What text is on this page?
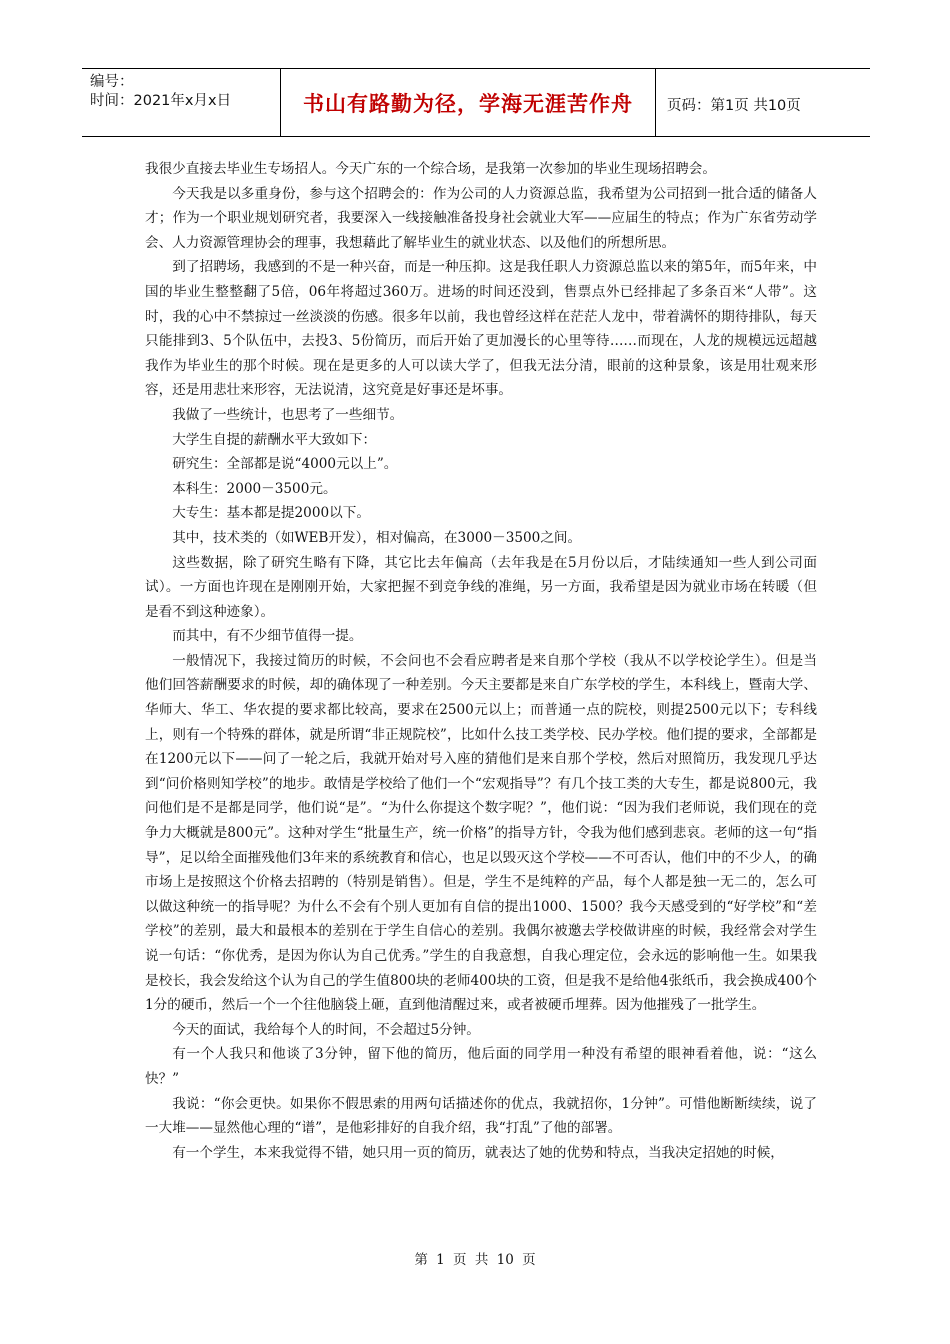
编号：
时间：2021年x月x日	书山有路勤为径，学海无涯苦作舟	页码：第1页 共10页

我很少直接去毕业生专场招人。今天广东的一个综合场，是我第一次参加的毕业生现场招聘会。

今天我是以多重身份，参与这个招聘会的：作为公司的人力资源总监，我希望为公司招到一批合适的储备人才；作为一个职业规划研究者，我要深入一线接触准备投身社会就业大军——应届生的特点；作为广东省劳动学会、人力资源管理协会的理事，我想藉此了解毕业生的就业状态、以及他们的所想所思。

到了招聘场，我感到的不是一种兴奋，而是一种压抑。这是我任职人力资源总监以来的第5年，而5年来，中国的毕业生整整翻了5倍，06年将超过360万。进场的时间还没到，售票点外已经排起了多条百米“人带”。这时，我的心中不禁掠过一丝淡淡的伤感。很多年以前，我也曾经这样在茫茫人龙中，带着满怀的期待排队，每天只能排到3、5个队伍中，去投3、5份简历，而后开始了更加漫长的心里等待……而现在，人龙的规模远远超越我作为毕业生的那个时候。现在是更多的人可以读大学了，但我无法分清，眼前的这种景象，该是用壮观来形容，还是用悲壮来形容，无法说清，这究竟是好事还是坏事。

我做了一些统计，也思考了一些细节。

大学生自提的薪酬水平大致如下：

研究生：全部都是说“4000元以上”。

本科生：2000－3500元。

大专生：基本都是提2000以下。

其中，技术类的（如WEB开发），相对偏高，在3000－3500之间。

这些数据，除了研究生略有下降，其它比去年偏高（去年我是在5月份以后，才陆续通知一些人到公司面试）。一方面也许现在是刚刚开始，大家把握不到竞争线的准绳，另一方面，我希望是因为就业市场在转暖（但是看不到这种迹象）。

而其中，有不少细节值得一提。

一般情况下，我接过简历的时候，不会问也不会看应聘者是来自那个学校（我从不以学校论学生）。但是当他们回答薪酬要求的时候，却的确体现了一种差别。今天主要都是来自广东学校的学生，本科线上，暨南大学、华师大、华工、华农提的要求都比较高，要求在2500元以上；而普通一点的院校，则提2500元以下；专科线上，则有一个特殊的群体，就是所谓“非正规院校”，比如什么技工类学校、民办学校。他们提的要求，全部都是在1200元以下——问了一轮之后，我就开始对号入座的猜他们是来自那个学校，然后对照简历，我发现几乎达到“问价格则知学校”的地步。敢情是学校给了他们一个“宏观指导”？有几个技工类的大专生，都是说800元，我问他们是不是都是同学，他们说“是”。“为什么你提这个数字呢？”，他们说：“因为我们老师说，我们现在的竞争力大概就是800元”。这种对学生“批量生产，统一价格”的指导方针，令我为他们感到悲哀。老师的这一句“指导”，足以给全面摧残他们3年来的系统教育和信心，也足以毁灭这个学校——不可否认，他们中的不少人，的确市场上是按照这个价格去招聘的（特别是销售）。但是，学生不是纯粹的产品，每个人都是独一无二的，怎么可以做这种统一的指导呢？为什么不会有个别人更加有自信的提出1000、1500？我今天感受到的“好学校”和“差学校”的差别，最大和最根本的差别在于学生自信心的差别。我偶尔被邀去学校做讲座的时候，我经常会对学生说一句话：“你优秀，是因为你认为自己优秀。”学生的自我意想，自我心理定位，会永远的影响他一生。如果我是校长，我会发给这个认为自己的学生值800块的老师400块的工资，但是我不是给他4张纸币，我会换成400个1分的硬币，然后一个一个往他脑袋上砸，直到他清醒过来，或者被硬币埋葬。因为他摧残了一批学生。

今天的面试，我给每个人的时间，不会超过5分钟。

有一个人我只和他谈了3分钟，留下他的简历，他后面的同学用一种没有希望的眼神看着他，说：“这么快？”

我说：“你会更快。如果你不假思索的用两句话描述你的优点，我就招你，1分钟”。可惜他断断续续，说了一大堆——显然他心理的“谱”，是他彩排好的自我介绍，我“打乱”了他的部署。

有一个学生，本来我觉得不错，她只用一页的简历，就表达了她的优势和特点，当我决定招她的时候，

第 1 页 共 10 页
